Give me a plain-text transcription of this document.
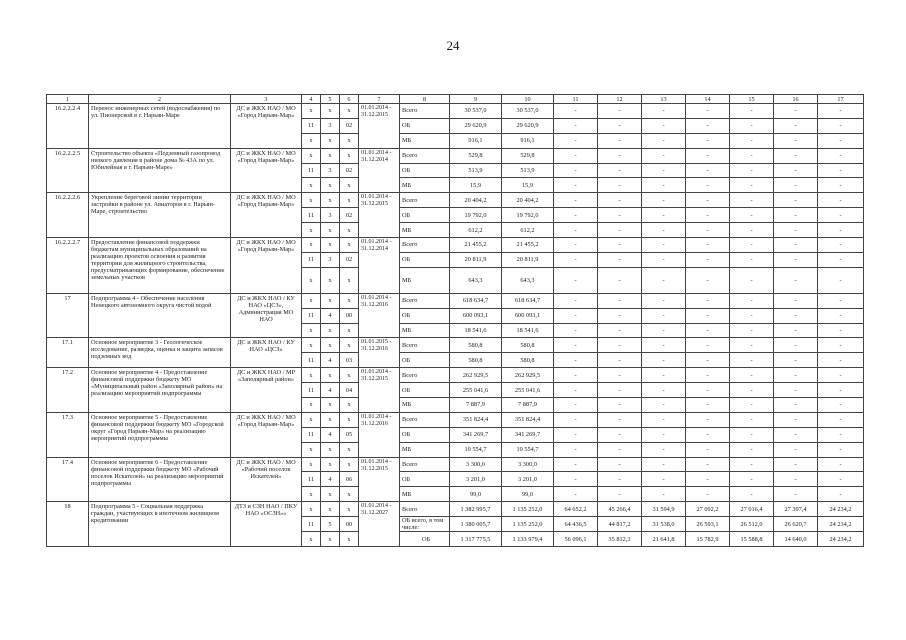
24
1	2	3	4	5	6	7	8	9	10	11	12	13	14	15	16	17
16.2.2.2.4	Перенос инженерных сетей (водоснабжения) по ул. Пионерской в г. Нарьян-Маре	ДС и ЖКХ НАО / МО «Город Нарьян-Мар»	x	x	x	01.01.2014 - 31.12.2015	Всего	30 537,0	30 537,0	-	-	-	-	-	-	-
			11	3	02		ОБ	29 620,9	29 620,9	-	-	-	-	-	-	-
			x	x	x		МБ	916,1	916,1	-	-	-	-	-	-	-
16.2.2.2.5	Строительство объекта «Подземный газопровод низкого давления в районе дома № 43А по ул. Юбилейная в г. Нарьян-Маре»	ДС и ЖКХ НАО / МО «Город Нарьян-Мар»	x	x	x	01.01.2014 - 31.12.2014	Всего	529,8	529,8	-	-	-	-	-	-	-
			11	3	02		ОБ	513,9	513,9	-	-	-	-	-	-	-
			x	x	x		МБ	15,9	15,9	-	-	-	-	-	-	-
16.2.2.2.6	Укрепление береговой линии территории застройки в районе ул. Авиаторов в г. Нарьян-Маре, строительство	ДС и ЖКХ НАО / МО «Город Нарьян-Мар»	x	x	x	01.01.2014 - 31.12.2015	Всего	20 404,2	20 404,2	-	-	-	-	-	-	-
			11	3	02		ОБ	19 792,0	19 792,0	-	-	-	-	-	-	-
			x	x	x		МБ	612,2	612,2	-	-	-	-	-	-	-
16.2.2.2.7	Предоставление финансовой поддержки бюджетам муниципальных образований на реализацию проектов освоения и развития территории для жилищного строительства, предусматривающих формирование, обеспечение земельных участков	ДС и ЖКХ НАО / МО «Город Нарьян-Мар»	x	x	x	01.01.2014 - 31.12.2014	Всего	21 455,2	21 455,2	-	-	-	-	-	-	-
			11	3	02		ОБ	20 811,9	20 811,9	-	-	-	-	-	-	-
			x	x	x		МБ	643,3	643,3	-	-	-	-	-	-	-
17	Подпрограмма 4 - Обеспечение населения Ненецкого автономного округа чистой водой	ДС и ЖКХ НАО / КУ НАО «ЦСЗ», Администрация МО НАО	x	x	x	01.01.2014 - 31.12.2016	Всего	618 634,7	618 634,7	-	-	-	-	-	-	-
			11	4	00		ОБ	600 093,1	600 093,1	-	-	-	-	-	-	-
			x	x	x		МБ	18 541,6	18 541,6	-	-	-	-	-	-	-
17.1	Основное мероприятие 3 - Геологическое исследование, разведка, оценка и защита запасов подземных вод	ДС и ЖКХ НАО / КУ НАО «ЦСЗ»	x	x	x	01.01.2015 - 31.12.2016	Всего	580,8	580,8	-	-	-	-	-	-	-
			11	4	03		ОБ	580,8	580,8	-	-	-	-	-	-	-
17.2	Основное мероприятие 4 - Предоставление финансовой поддержки бюджету МО «Муниципальный район «Заполярный район» на реализацию мероприятий подпрограммы	ДС и ЖКХ НАО / МР «Заполярный район»	x	x	x	01.01.2014 - 31.12.2015	Всего	262 929,5	262 929,5	-	-	-	-	-	-	-
			11	4	04		ОБ	255 041,6	255 041,6	-	-	-	-	-	-	-
			x	x	x		МБ	7 887,9	7 887,9	-	-	-	-	-	-	-
17.3	Основное мероприятие 5 - Предоставление финансовой поддержки бюджету МО «Городской округ «Город Нарьян-Мар» на реализацию мероприятий подпрограммы	ДС и ЖКХ НАО / МО «Город Нарьян-Мар»	x	x	x	01.01.2014 - 31.12.2016	Всего	351 824,4	351 824,4	-	-	-	-	-	-	-
			11	4	05		ОБ	341 269,7	341 269,7	-	-	-	-	-	-	-
			x	x	x		МБ	10 554,7	10 554,7	-	-	-	-	-	-	-
17.4	Основное мероприятие 6 - Предоставление финансовой поддержки бюджету МО «Рабочий поселок Искателей» на реализацию мероприятий подпрограммы	ДС и ЖКХ НАО / МО «Рабочий поселок Искателей»	x	x	x	01.01.2014 - 31.12.2015	Всего	3 300,0	3 300,0	-	-	-	-	-	-	-
			11	4	06		ОБ	3 201,0	3 201,0	-	-	-	-	-	-	-
			x	x	x		МБ	99,0	99,0	-	-	-	-	-	-	-
18	Подпрограмма 5 - Социальная поддержка граждан, участвующих в ипотечном жилищном кредитовании	ДТЗ и СЗН НАО / ПКУ НАО «ОСЗН»»	x	x	x	01.01.2014 - 31.12.2027	Всего	1 382 995,7	1 135 252,0	64 652,2	45 266,4	31 594,9	27 092,2	27 016,4	27 397,4	24 234,2
			11	5	00		ОБ всего, в том числе:	1 380 005,7	1 135 252,0	64 436,5	44 817,2	31 538,0	26 593,1	26 512,0	26 620,7	24 234,2
			x	x	x		ОБ	1 317 775,5	1 133 979,4	56 096,1	35 812,3	21 641,8	15 782,9	15 588,8	14 640,0	24 234,2
